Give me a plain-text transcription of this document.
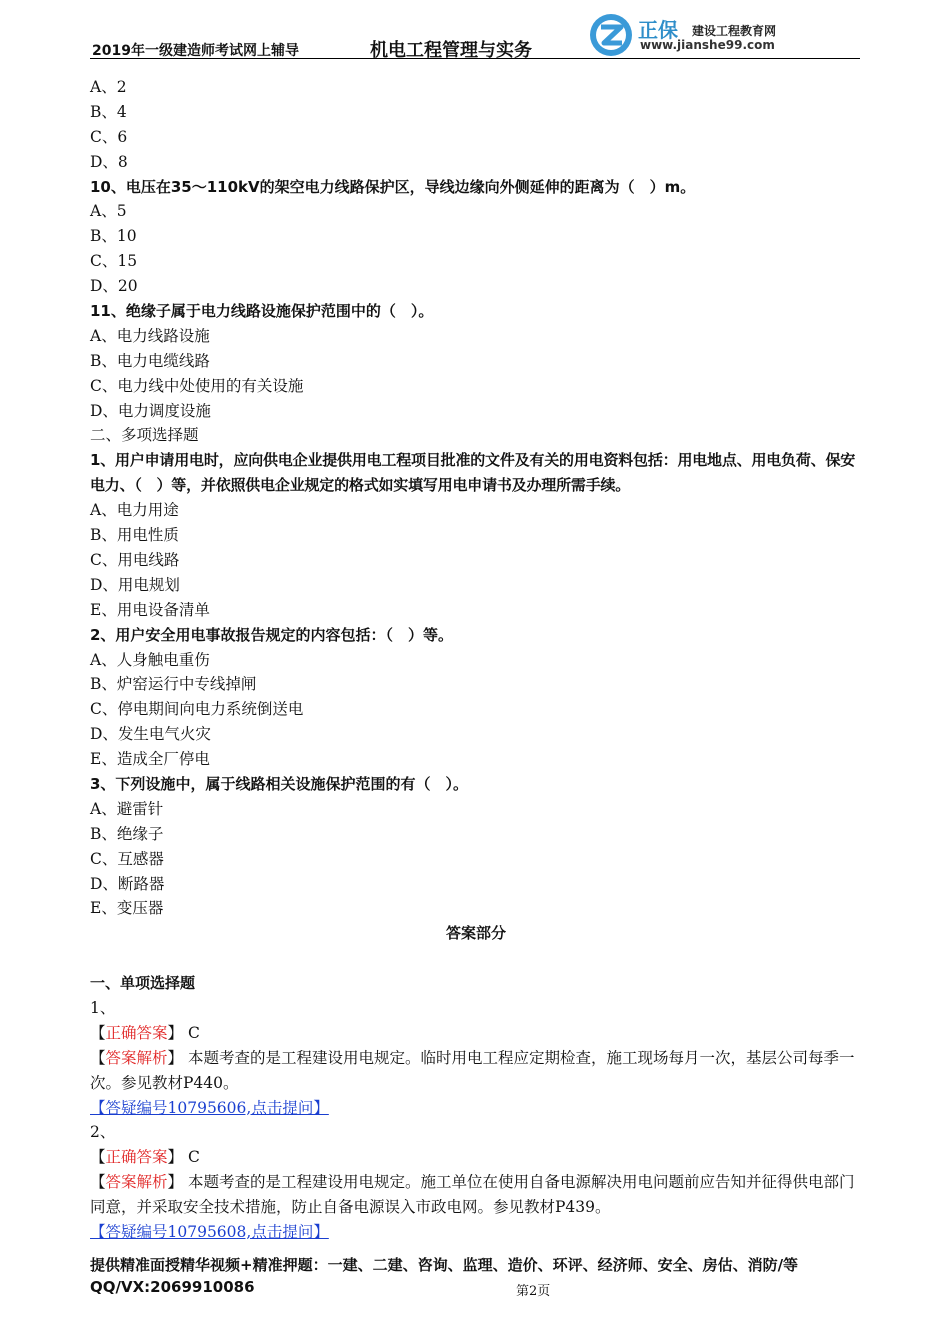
2019年一级建造师考试网上辅导	机电工程管理与实务
正保 建设工程教育网
www.jianshe99.com
A、2
B、4
C、6
D、8
10、电压在35～110kV的架空电力线路保护区，导线边缘向外侧延伸的距离为（　）m。
A、5
B、10
C、15
D、20
11、绝缘子属于电力线路设施保护范围中的（　）。
A、电力线路设施
B、电力电缆线路
C、电力线中处使用的有关设施
D、电力调度设施
二、多项选择题
1、用户申请用电时，应向供电企业提供用电工程项目批准的文件及有关的用电资料包括：用电地点、用电负荷、保安电力、（　）等，并依照供电企业规定的格式如实填写用电申请书及办理所需手续。
A、电力用途
B、用电性质
C、用电线路
D、用电规划
E、用电设备清单
2、用户安全用电事故报告规定的内容包括：（　）等。
A、人身触电重伤
B、炉窑运行中专线掉闸
C、停电期间向电力系统倒送电
D、发生电气火灾
E、造成全厂停电
3、下列设施中，属于线路相关设施保护范围的有（　）。
A、避雷针
B、绝缘子
C、互感器
D、断路器
E、变压器
答案部分
一、单项选择题
1、
【正确答案】 C
【答案解析】 本题考查的是工程建设用电规定。临时用电工程应定期检查，施工现场每月一次，基层公司每季一次。参见教材P440。
【答疑编号10795606,点击提问】
2、
【正确答案】 C
【答案解析】 本题考查的是工程建设用电规定。施工单位在使用自备电源解决用电问题前应告知并征得供电部门同意，并采取安全技术措施，防止自备电源误入市政电网。参见教材P439。
【答疑编号10795608,点击提问】
提供精准面授精华视频+精准押题：一建、二建、咨询、监理、造价、环评、经济师、安全、房估、消防/等
QQ/VX:2069910086	第2页
